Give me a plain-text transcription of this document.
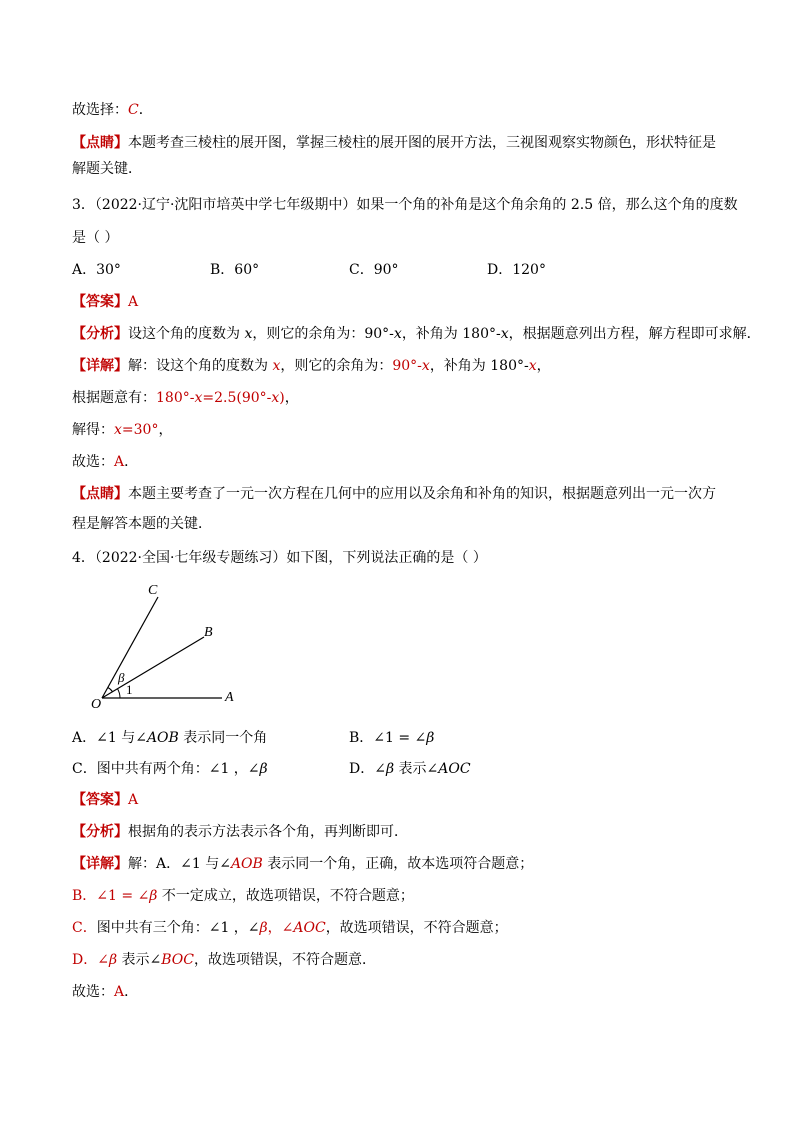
故选择：C．
【点睛】本题考查三棱柱的展开图，掌握三棱柱的展开图的展开方法，三视图观察实物颜色，形状特征是
解题关键．
3．（2022·辽宁·沈阳市培英中学七年级期中）如果一个角的补角是这个角余角的 2.5 倍，那么这个角的度数
是（ ）
A．30°	B．60°	C．90°	D．120°
【答案】A
【分析】设这个角的度数为 x，则它的余角为：90°-x，补角为 180°-x，根据题意列出方程，解方程即可求解．
【详解】解：设这个角的度数为 x，则它的余角为：90°-x，补角为 180°-x，
根据题意有：180°-x=2.5(90°-x)，
解得：x=30°，
故选：A．
【点睛】本题主要考查了一元一次方程在几何中的应用以及余角和补角的知识，根据题意列出一元一次方
程是解答本题的关键．
4．（2022·全国·七年级专题练习）如下图，下列说法正确的是（ ）
C
B
A
O
β
1
A．∠1 与∠AOB 表示同一个角	B．∠1 = ∠β
C．图中共有两个角：∠1 ，∠β	D．∠β 表示∠AOC
【答案】A
【分析】根据角的表示方法表示各个角，再判断即可．
【详解】解：A．∠1 与∠AOB 表示同一个角，正确，故本选项符合题意；
B．∠1 = ∠β 不一定成立，故选项错误，不符合题意；
C．图中共有三个角：∠1 ，∠β，∠AOC，故选项错误，不符合题意；
D．∠β 表示∠BOC，故选项错误，不符合题意．
故选：A．
